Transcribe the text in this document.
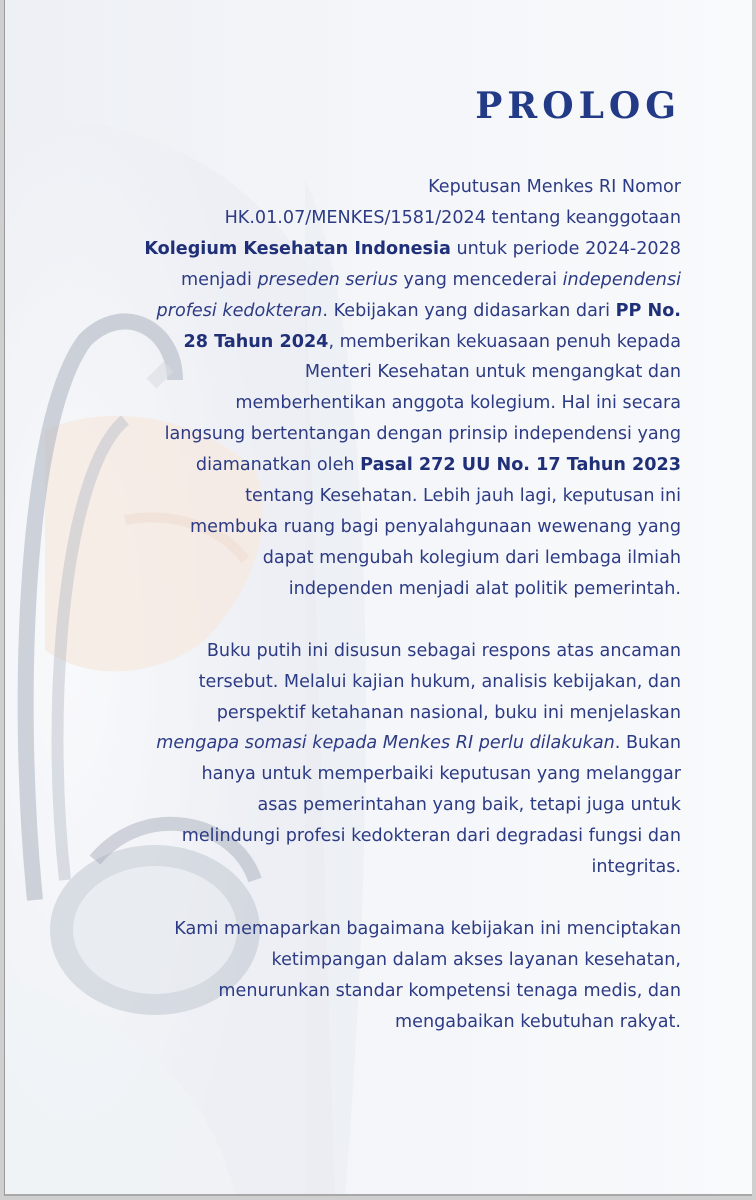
PROLOG

Keputusan Menkes RI Nomor
HK.01.07/MENKES/1581/2024 tentang keanggotaan
Kolegium Kesehatan Indonesia untuk periode 2024-2028
menjadi preseden serius yang mencederai independensi
profesi kedokteran. Kebijakan yang didasarkan dari PP No.
28 Tahun 2024, memberikan kekuasaan penuh kepada
Menteri Kesehatan untuk mengangkat dan
memberhentikan anggota kolegium. Hal ini secara
langsung bertentangan dengan prinsip independensi yang
diamanatkan oleh Pasal 272 UU No. 17 Tahun 2023
tentang Kesehatan. Lebih jauh lagi, keputusan ini
membuka ruang bagi penyalahgunaan wewenang yang
dapat mengubah kolegium dari lembaga ilmiah
independen menjadi alat politik pemerintah.

Buku putih ini disusun sebagai respons atas ancaman
tersebut. Melalui kajian hukum, analisis kebijakan, dan
perspektif ketahanan nasional, buku ini menjelaskan
mengapa somasi kepada Menkes RI perlu dilakukan. Bukan
hanya untuk memperbaiki keputusan yang melanggar
asas pemerintahan yang baik, tetapi juga untuk
melindungi profesi kedokteran dari degradasi fungsi dan
integritas.

Kami memaparkan bagaimana kebijakan ini menciptakan
ketimpangan dalam akses layanan kesehatan,
menurunkan standar kompetensi tenaga medis, dan
mengabaikan kebutuhan rakyat.
